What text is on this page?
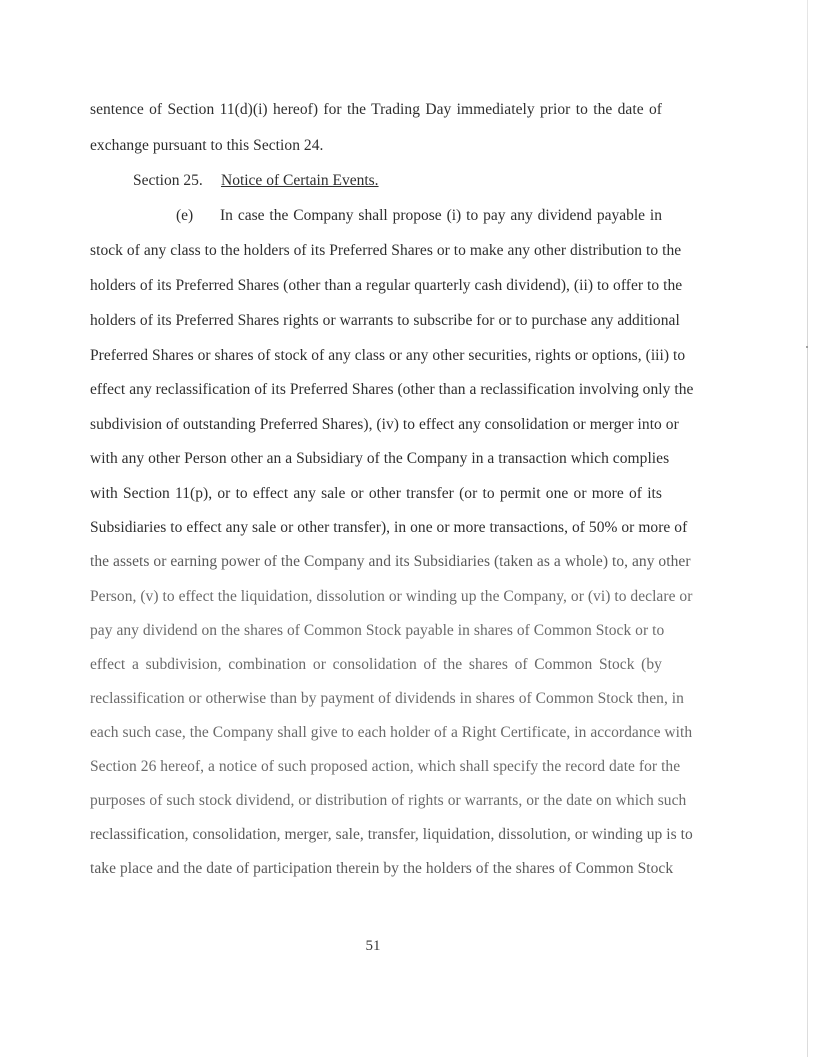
sentence of Section 11(d)(i) hereof) for the Trading Day immediately prior to the date of
exchange pursuant to this Section 24.
Section 25. Notice of Certain Events.
(e) In case the Company shall propose (i) to pay any dividend payable in
stock of any class to the holders of its Preferred Shares or to make any other distribution to the
holders of its Preferred Shares (other than a regular quarterly cash dividend), (ii) to offer to the
holders of its Preferred Shares rights or warrants to subscribe for or to purchase any additional
Preferred Shares or shares of stock of any class or any other securities, rights or options, (iii) to
effect any reclassification of its Preferred Shares (other than a reclassification involving only the
subdivision of outstanding Preferred Shares), (iv) to effect any consolidation or merger into or
with any other Person other an a Subsidiary of the Company in a transaction which complies
with Section 11(p), or to effect any sale or other transfer (or to permit one or more of its
Subsidiaries to effect any sale or other transfer), in one or more transactions, of 50% or more of
the assets or earning power of the Company and its Subsidiaries (taken as a whole) to, any other
Person, (v) to effect the liquidation, dissolution or winding up the Company, or (vi) to declare or
pay any dividend on the shares of Common Stock payable in shares of Common Stock or to
effect a subdivision, combination or consolidation of the shares of Common Stock (by
reclassification or otherwise than by payment of dividends in shares of Common Stock then, in
each such case, the Company shall give to each holder of a Right Certificate, in accordance with
Section 26 hereof, a notice of such proposed action, which shall specify the record date for the
purposes of such stock dividend, or distribution of rights or warrants, or the date on which such
reclassification, consolidation, merger, sale, transfer, liquidation, dissolution, or winding up is to
take place and the date of participation therein by the holders of the shares of Common Stock
51
